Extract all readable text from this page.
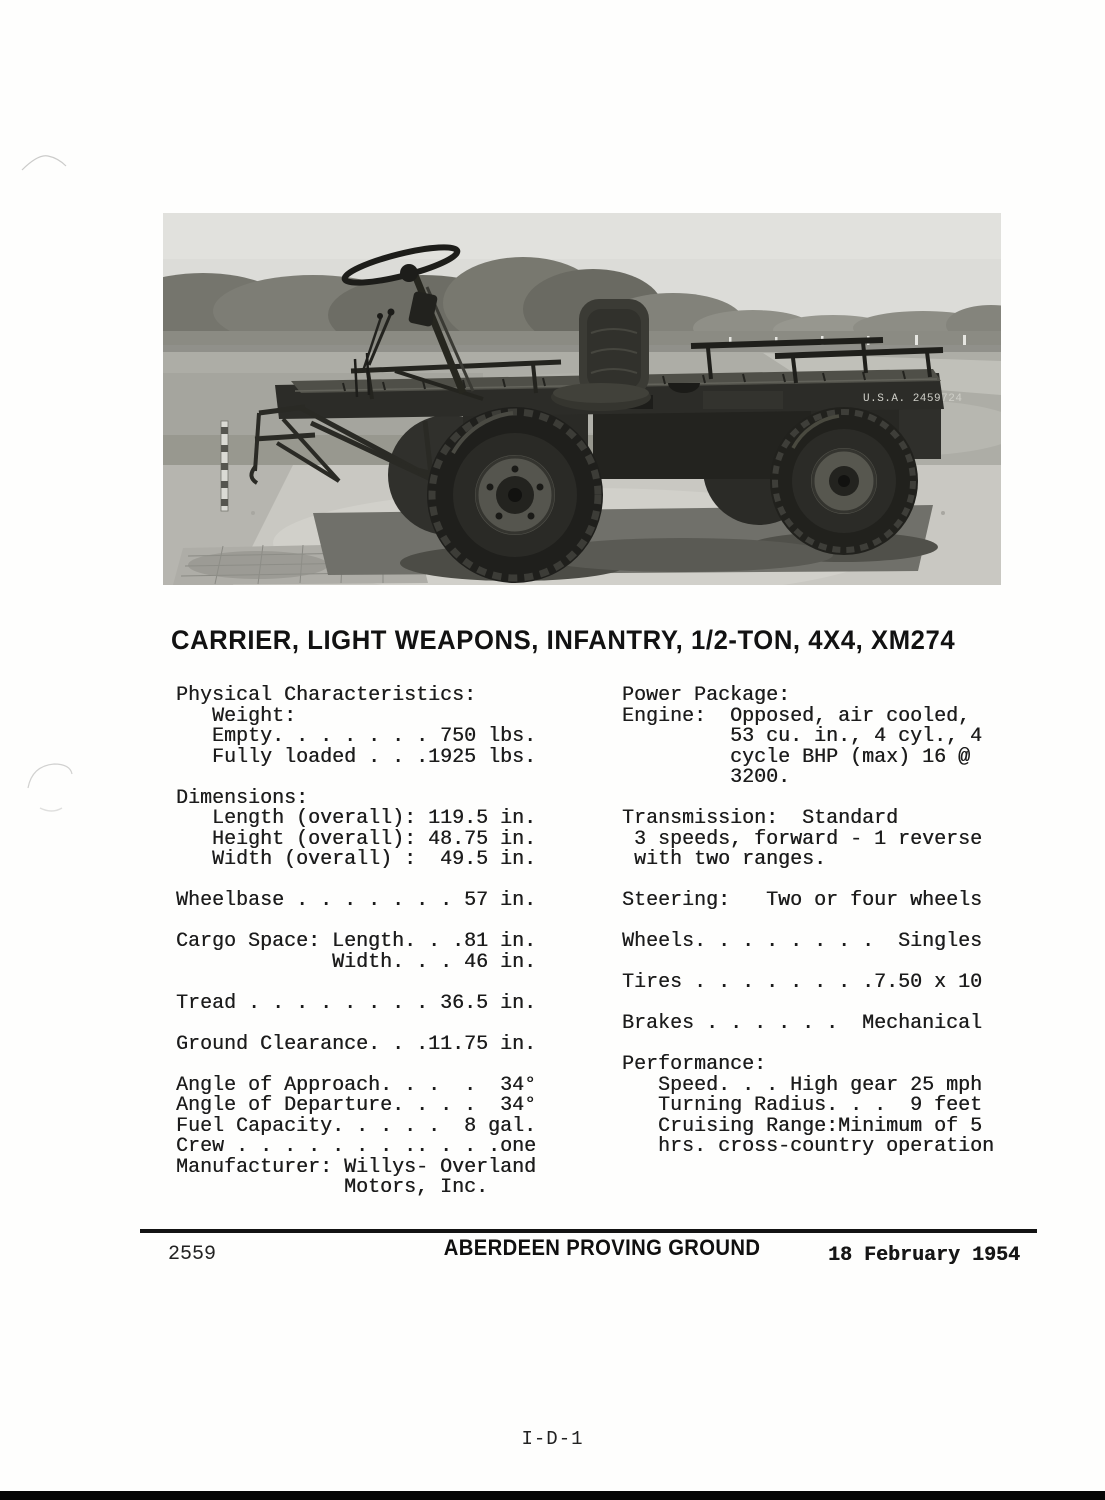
U.S.A. 2459724
CARRIER, LIGHT WEAPONS, INFANTRY, 1/2-TON, 4X4, XM274
Physical Characteristics:
Weight:
Empty. . . . . . . 750 lbs.
Fully loaded . . .1925 lbs.

Dimensions:
Length (overall): 119.5 in.
Height (overall): 48.75 in.
Width (overall) :  49.5 in.

Wheelbase . . . . . . . 57 in.

Cargo Space: Length. . .81 in.
Width. . . 46 in.

Tread . . . . . . . . 36.5 in.

Ground Clearance. . .11.75 in.

Angle of Approach. . .  .  34°
Angle of Departure. . . .  34°
Fuel Capacity. . . . .  8 gal.
Crew . . . . . . . .. . . .one
Manufacturer: Willys- Overland
Motors, Inc.
Power Package:
Engine:  Opposed, air cooled,
53 cu. in., 4 cyl., 4
cycle BHP (max) 16 @
3200.

Transmission:  Standard
3 speeds, forward - 1 reverse
with two ranges.

Steering:   Two or four wheels

Wheels. . . . . . . .  Singles

Tires . . . . . . . .7.50 x 10

Brakes . . . . . .  Mechanical

Performance:
Speed. . . High gear 25 mph
Turning Radius. . .  9 feet
Cruising Range:Minimum of 5
hrs. cross-country operation
2559	ABERDEEN PROVING GROUND	18 February 1954
I-D-1
